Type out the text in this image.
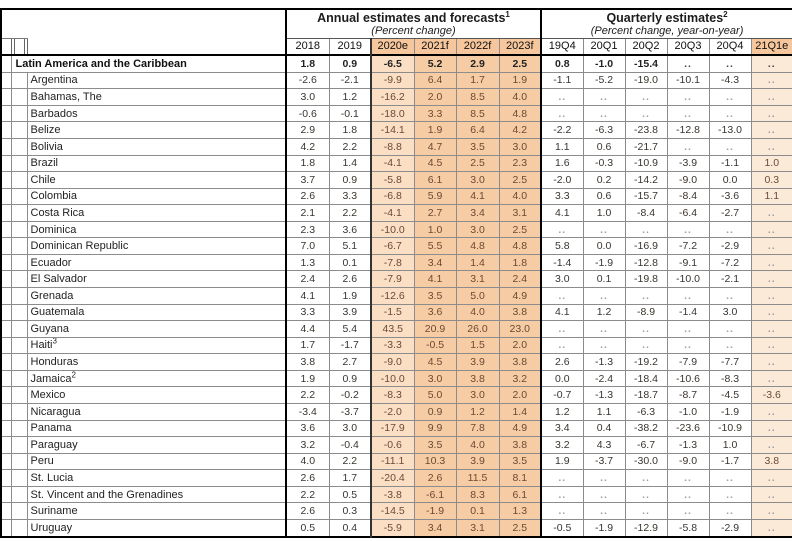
Annual estimates and forecasts$^1$
(Percent change)

Quarterly estimates$^2$
(Percent change, year-on-year)

					2018	2019	2020e	2021f	2022f	2023f	19Q4	20Q1	20Q2	20Q3	20Q4	21Q1e
	Latin America and the Caribbean				1.8	0.9	-6.5	5.2	2.9	2.5	0.8	-1.0	-15.4	..	..	..
				Argentina	-2.6	-2.1	-9.9	6.4	1.7	1.9	-1.1	-5.2	-19.0	-10.1	-4.3	..
				Bahamas, The	3.0	1.2	-16.2	2.0	8.5	4.0	..	..	..	..	..	..
				Barbados	-0.6	-0.1	-18.0	3.3	8.5	4.8	..	..	..	..	..	..
				Belize	2.9	1.8	-14.1	1.9	6.4	4.2	-2.2	-6.3	-23.8	-12.8	-13.0	..
				Bolivia	4.2	2.2	-8.8	4.7	3.5	3.0	1.1	0.6	-21.7	..	..	..
				Brazil	1.8	1.4	-4.1	4.5	2.5	2.3	1.6	-0.3	-10.9	-3.9	-1.1	1.0
				Chile	3.7	0.9	-5.8	6.1	3.0	2.5	-2.0	0.2	-14.2	-9.0	0.0	0.3
				Colombia	2.6	3.3	-6.8	5.9	4.1	4.0	3.3	0.6	-15.7	-8.4	-3.6	1.1
				Costa Rica	2.1	2.2	-4.1	2.7	3.4	3.1	4.1	1.0	-8.4	-6.4	-2.7	..
				Dominica	2.3	3.6	-10.0	1.0	3.0	2.5	..	..	..	..	..	..
				Dominican Republic	7.0	5.1	-6.7	5.5	4.8	4.8	5.8	0.0	-16.9	-7.2	-2.9	..
				Ecuador	1.3	0.1	-7.8	3.4	1.4	1.8	-1.4	-1.9	-12.8	-9.1	-7.2	..
				El Salvador	2.4	2.6	-7.9	4.1	3.1	2.4	3.0	0.1	-19.8	-10.0	-2.1	..
				Grenada	4.1	1.9	-12.6	3.5	5.0	4.9	..	..	..	..	..	..
				Guatemala	3.3	3.9	-1.5	3.6	4.0	3.8	4.1	1.2	-8.9	-1.4	3.0	..
				Guyana	4.4	5.4	43.5	20.9	26.0	23.0	..	..	..	..	..	..
				Haiti$^3$	1.7	-1.7	-3.3	-0.5	1.5	2.0	..	..	..	..	..	..
				Honduras	3.8	2.7	-9.0	4.5	3.9	3.8	2.6	-1.3	-19.2	-7.9	-7.7	..
				Jamaica$^2$	1.9	0.9	-10.0	3.0	3.8	3.2	0.0	-2.4	-18.4	-10.6	-8.3	..
				Mexico	2.2	-0.2	-8.3	5.0	3.0	2.0	-0.7	-1.3	-18.7	-8.7	-4.5	-3.6
				Nicaragua	-3.4	-3.7	-2.0	0.9	1.2	1.4	1.2	1.1	-6.3	-1.0	-1.9	..
				Panama	3.6	3.0	-17.9	9.9	7.8	4.9	3.4	0.4	-38.2	-23.6	-10.9	..
				Paraguay	3.2	-0.4	-0.6	3.5	4.0	3.8	3.2	4.3	-6.7	-1.3	1.0	..
				Peru	4.0	2.2	-11.1	10.3	3.9	3.5	1.9	-3.7	-30.0	-9.0	-1.7	3.8
				St. Lucia	2.6	1.7	-20.4	2.6	11.5	8.1	..	..	..	..	..	..
				St. Vincent and the Grenadines	2.2	0.5	-3.8	-6.1	8.3	6.1	..	..	..	..	..	..
				Suriname	2.6	0.3	-14.5	-1.9	0.1	1.3	..	..	..	..	..	..
				Uruguay	0.5	0.4	-5.9	3.4	3.1	2.5	-0.5	-1.9	-12.9	-5.8	-2.9	..
